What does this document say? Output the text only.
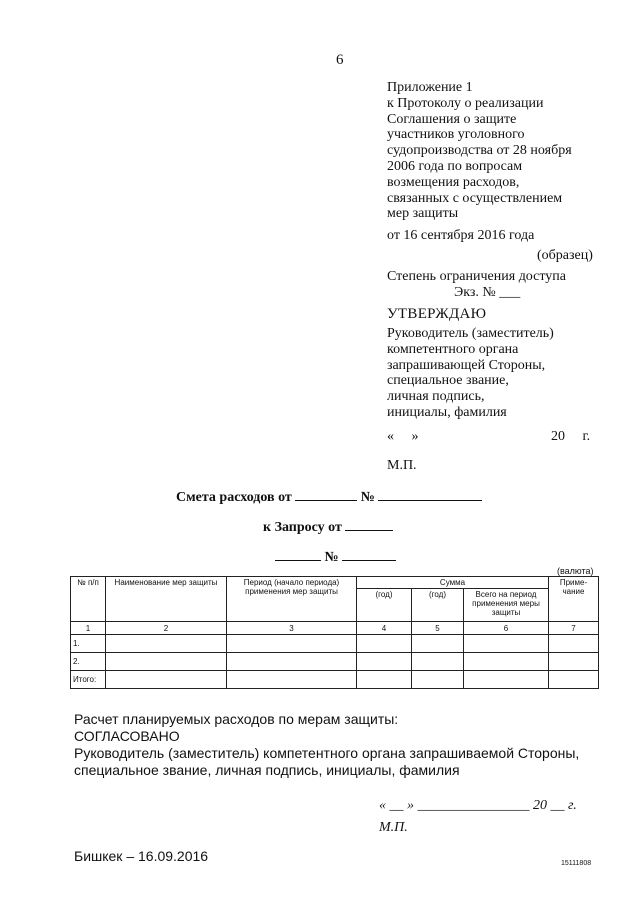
6
Приложение 1
к Протоколу о реализации
Соглашения о защите
участников уголовного
судопроизводства от 28 ноября
2006 года по вопросам
возмещения расходов,
связанных с осуществлением
мер защиты
от 16 сентября 2016 года
(образец)
Степень ограничения доступа
Экз. № ___
УТВЕРЖДАЮ
Руководитель (заместитель)
компетентного органа
запрашивающей Стороны,
специальное звание,
личная подпись,
инициалы, фамилия
«     »	20     г.
М.П.
Смета расходов от	№
к Запросу от
№
(валюта)
№ п/п	Наименование мер защиты	Период (начало периода) применения мер защиты	Сумма			Приме- чание
			(год)	(год)	Всего на период применения меры защиты	
1	2	3	4	5	6	7
1.						
2.						
Итого:						
Расчет планируемых расходов по мерам защиты:
СОГЛАСОВАНО
Руководитель (заместитель) компетентного органа запрашиваемой Стороны,
специальное звание, личная подпись, инициалы, фамилия
« __ » ________________ 20 __ г.
М.П.
Бишкек – 16.09.2016	15111808
